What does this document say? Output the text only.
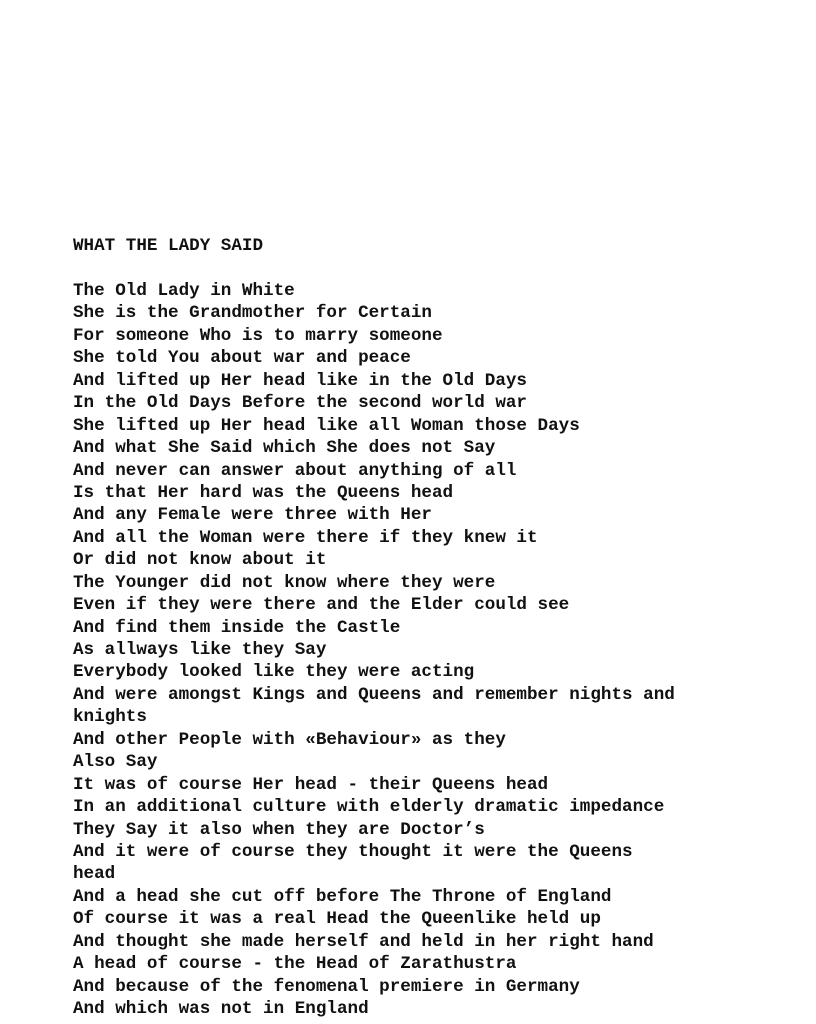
WHAT THE LADY SAID
The Old Lady in White
She is the Grandmother for Certain
For someone Who is to marry someone
She told You about war and peace
And lifted up Her head like in the Old Days
In the Old Days Before the second world war
She lifted up Her head like all Woman those Days
And what She Said which She does not Say
And never can answer about anything of all
Is that Her hard was the Queens head
And any Female were three with Her
And all the Woman were there if they knew it
Or did not know about it
The Younger did not know where they were
Even if they were there and the Elder could see
And find them inside the Castle
As allways like they Say
Everybody looked like they were acting
And were amongst Kings and Queens and remember nights and
knights
And other People with «Behaviour» as they
Also Say
It was of course Her head - their Queens head
In an additional culture with elderly dramatic impedance
They Say it also when they are Doctor’s
And it were of course they thought it were the Queens
head
And a head she cut off before The Throne of England
Of course it was a real Head the Queenlike held up
And thought she made herself and held in her right hand
A head of course - the Head of Zarathustra
And because of the fenomenal premiere in Germany
And which was not in England
